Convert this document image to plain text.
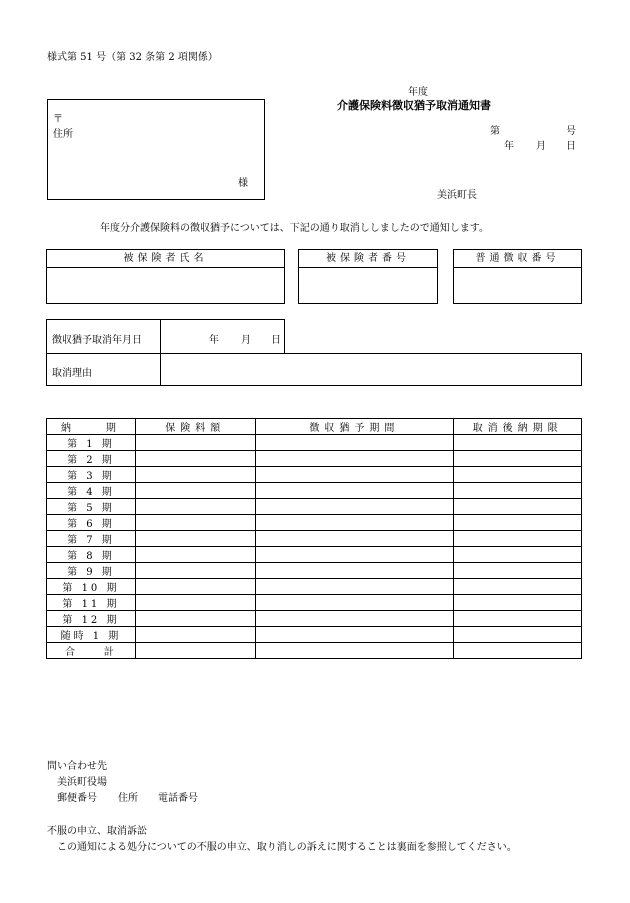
様式第 51 号（第 32 条第 2 項関係）
年度
介護保険料徴収猶予取消通知書
〒
住所
様
第	号
年 月 日
美浜町長
年度分介護保険料の徴収猶予については、下記の通り取消ししましたので通知します。
被保険者氏名	被保険者番号	普通徴収番号
徴収猶予取消年月日	年 月 日
取消理由
納　　期	保険料額	徴収猶予期間	取消後納期限
第 1 期			
第 2 期			
第 3 期			
第 4 期			
第 5 期			
第 6 期			
第 7 期			
第 8 期			
第 9 期			
第 10 期			
第 11 期			
第 12 期			
随時 1 期			
合　　計			
問い合わせ先
美浜町役場
郵便番号 住所 電話番号
不服の申立、取消訴訟
この通知による処分についての不服の申立、取り消しの訴えに関することは裏面を参照してください。
